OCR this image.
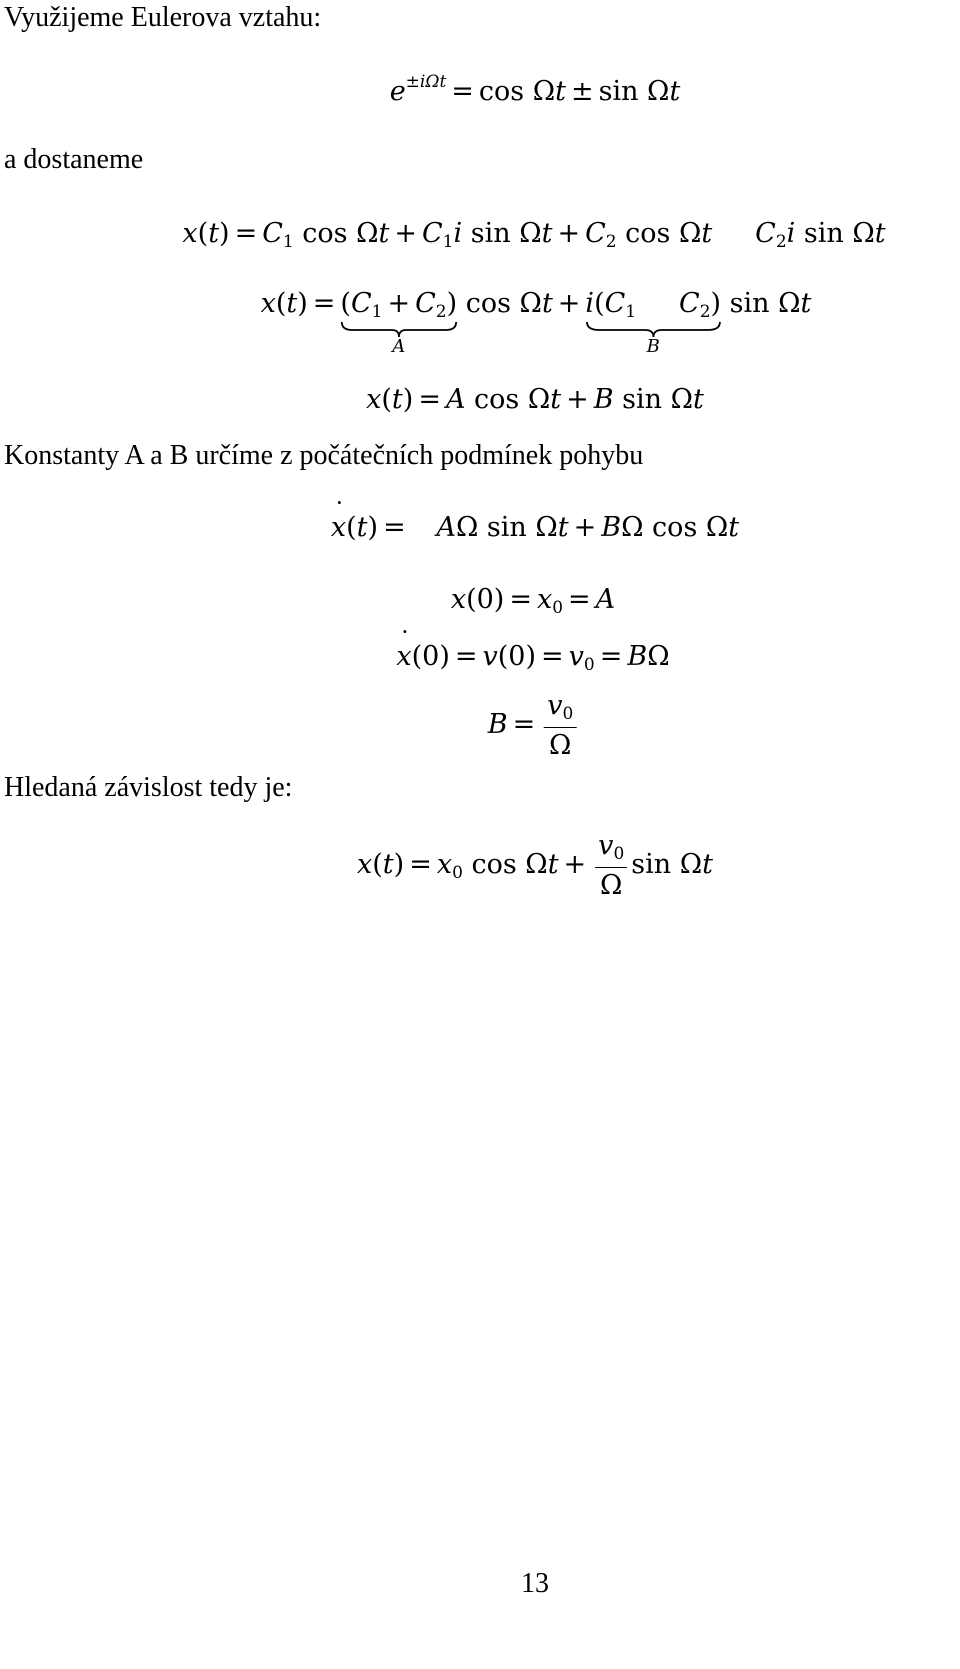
Využijeme Eulerova vztahu:
$e^{\pm i\Omega t} = \cos \Omega t \pm \sin \Omega t$
a dostaneme
$x(t) = C_1$ $\cos \Omega t + C_1i$ $\sin \Omega t + C_2$ cos Ωt $C_2i$ sin Ωt
$x(t) = (C_1 + C_2)$
A
$\cos \Omega t + i(C_1$ $C_2$)
B
sin Ωt
x(t) = A cos Ωt + B sin Ωt
Konstanty A a B určíme z počátečních podmínek pohybu
x ˙(t) = AΩ sin Ωt + BΩ cos Ωt
$x(0) = x_0 = A$
x ˙(0) = $v(0) = v_0 = B\Omega$
$B = \frac{v_0}{\Omega}$
Hledaná závislost tedy je:
$x(t) = x_0$ $\cos \Omega t + \frac{v_0}{\Omega}$ sin Ωt
13
